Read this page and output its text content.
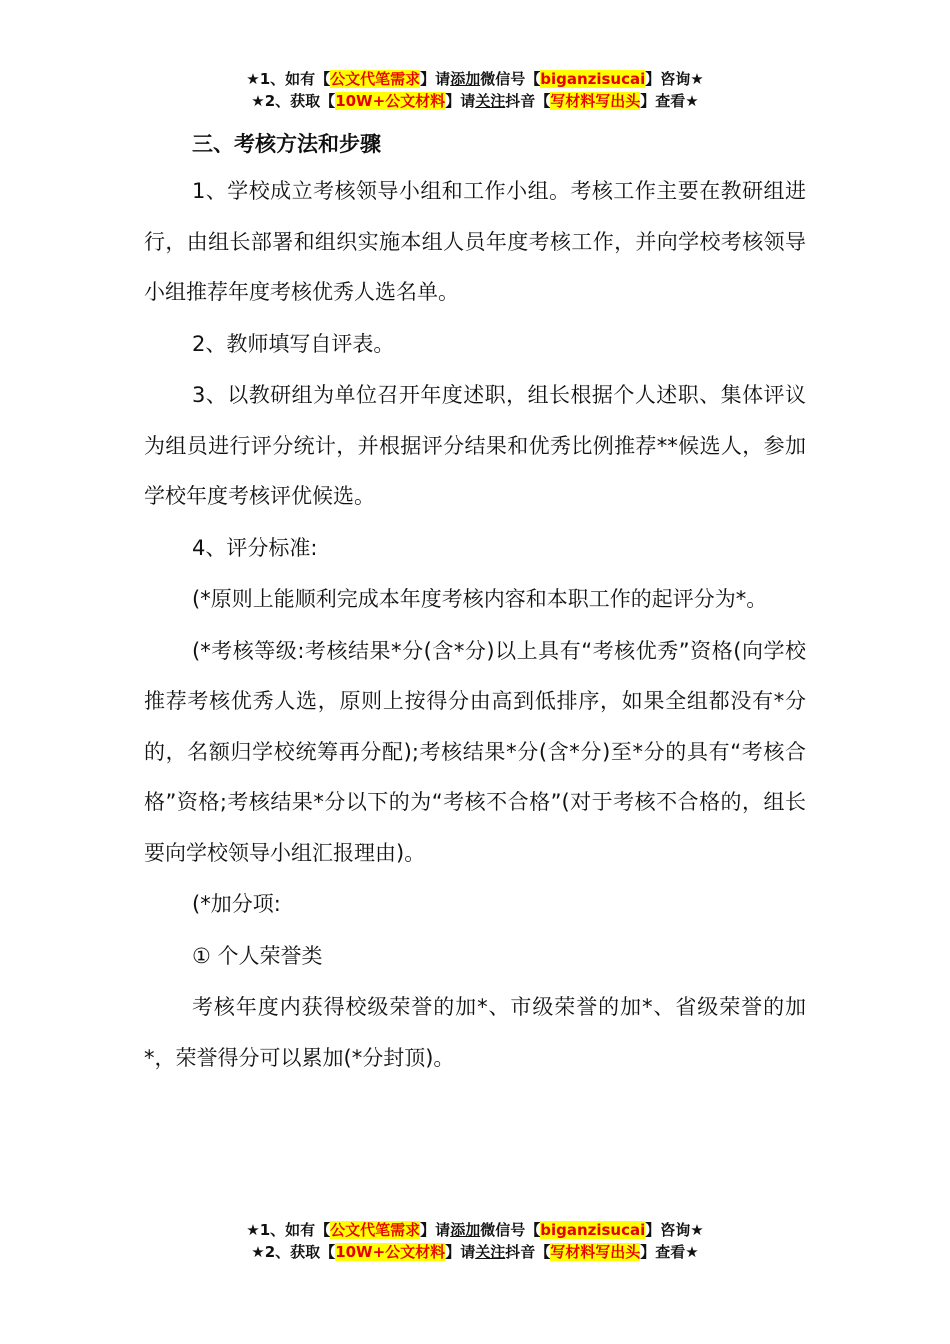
★1、如有【公文代笔需求】请添加微信号【biganzisucai】咨询★
★2、获取【10W+公文材料】请关注抖音【写材料写出头】查看★
三、考核方法和步骤

1、学校成立考核领导小组和工作小组。考核工作主要在教研组进行，由组长部署和组织实施本组人员年度考核工作，并向学校考核领导小组推荐年度考核优秀人选名单。

2、教师填写自评表。

3、以教研组为单位召开年度述职，组长根据个人述职、集体评议为组员进行评分统计，并根据评分结果和优秀比例推荐**候选人，参加学校年度考核评优候选。

4、评分标准:

(*原则上能顺利完成本年度考核内容和本职工作的起评分为*。

(*考核等级:考核结果*分(含*分)以上具有“考核优秀”资格(向学校推荐考核优秀人选，原则上按得分由高到低排序，如果全组都没有*分的，名额归学校统筹再分配);考核结果*分(含*分)至*分的具有“考核合格”资格;考核结果*分以下的为“考核不合格”(对于考核不合格的，组长要向学校领导小组汇报理由)。

(*加分项:

① 个人荣誉类

考核年度内获得校级荣誉的加*、市级荣誉的加*、省级荣誉的加*，荣誉得分可以累加(*分封顶)。

★1、如有【公文代笔需求】请添加微信号【biganzisucai】咨询★
★2、获取【10W+公文材料】请关注抖音【写材料写出头】查看★
